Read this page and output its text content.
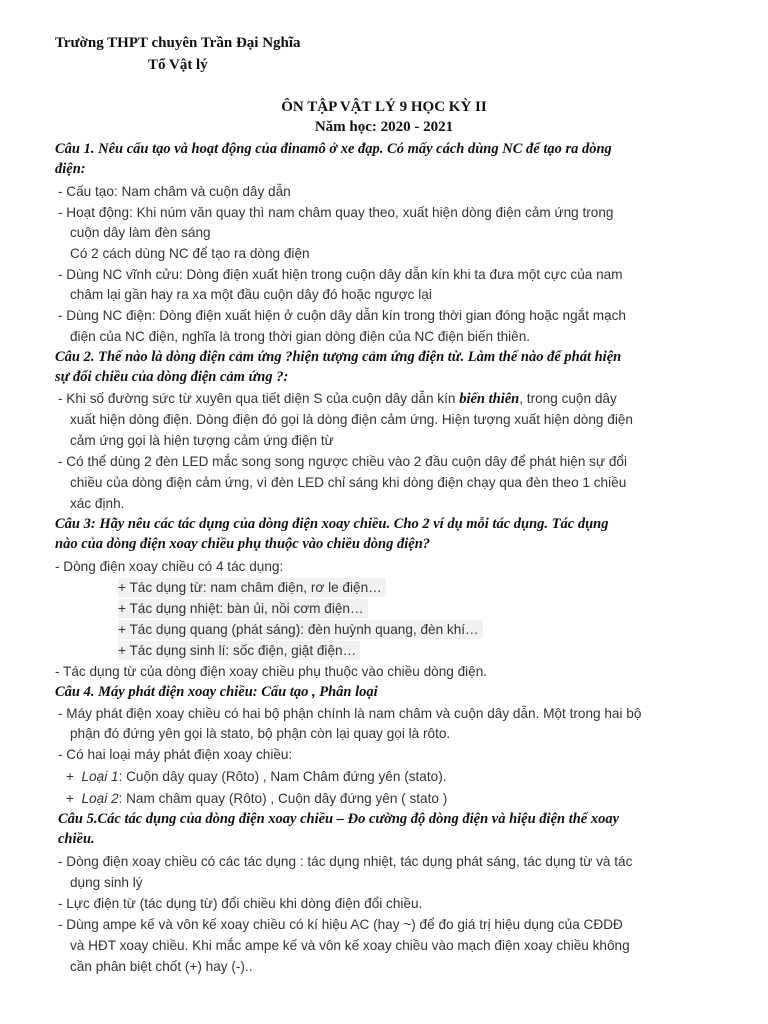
Trường THPT chuyên Trần Đại Nghĩa
Tổ Vật lý
ÔN TẬP VẬT LÝ 9 HỌC KỲ II
Năm học: 2020 - 2021
Câu 1. Nêu cấu tạo và hoạt động của đinamô ở xe đạp. Có mấy cách dùng NC để tạo ra dòng
điện:
- Cấu tạo: Nam châm và cuộn dây dẫn
- Hoạt động: Khi núm văn quay thì nam châm quay theo, xuất hiện dòng điện cảm ứng trong
cuộn dây làm đèn sáng
Có 2 cách dùng NC để tạo ra dòng điện
- Dùng NC vĩnh cửu: Dòng điện xuất hiện trong cuộn dây dẫn kín khi ta đưa một cực của nam
châm lại gần hay ra xa một đầu cuộn dây đó hoặc ngược lại
- Dùng NC điện: Dòng điện xuất hiện ở cuộn dây dẫn kín trong thời gian đóng hoặc ngắt mạch
điện của NC điện, nghĩa là trong thời gian dòng điện của NC điện biến thiên.
Câu 2. Thế nào là dòng điện cảm ứng ?hiện tượng cảm ứng điện từ. Làm thế nào để phát hiện
sự đổi chiều của dòng điện cảm ứng ?:
- Khi số đường sức từ xuyên qua tiết diện S của cuộn dây dẫn kín biến thiên, trong cuộn dây
xuất hiện dòng điện. Dòng điện đó gọi là dòng điện cảm ứng. Hiện tượng xuất hiện dòng điện
cảm ứng gọi là hiện tượng cảm ứng điện từ
- Có thể dùng 2 đèn LED mắc song song ngược chiều vào 2 đầu cuộn dây để phát hiện sự đổi
chiều của dòng điện cảm ứng, vì đèn LED chỉ sáng khi dòng điện chạy qua đèn theo 1 chiều
xác định.
Câu 3: Hãy nêu các tác dụng của dòng điện xoay chiều. Cho 2 ví dụ mỗi tác dụng. Tác dụng
nào của dòng điện xoay chiều phụ thuộc vào chiều dòng điện?
- Dòng điện xoay chiều có 4 tác dụng:
+ Tác dụng từ: nam châm điện, rơ le điện…
+ Tác dụng nhiệt: bàn ủi, nồi cơm điện…
+ Tác dụng quang (phát sáng): đèn huỳnh quang, đèn khí…
+ Tác dụng sinh lí: sốc điện, giật điện…
- Tác dụng từ của dòng điện xoay chiều phụ thuộc vào chiều dòng điện.
Câu 4. Máy phát điện xoay chiều: Cấu tạo , Phân loại
- Máy phát điện xoay chiều có hai bộ phận chính là nam châm và cuộn dây dẫn. Một trong hai bộ
phận đó đứng yên gọi là stato, bộ phận còn lại quay gọi là rôto.
- Có hai loại máy phát điện xoay chiều:
+ Loại 1: Cuộn dây quay (Rôto) , Nam Châm đứng yên (stato).
+ Loại 2: Nam châm quay (Rôto) , Cuộn dây đứng yên ( stato )
Câu 5.Các tác dụng của dòng điện xoay chiều – Đo cường độ dòng điện và hiệu điện thế xoay
chiều.
- Dòng điện xoay chiều có các tác dụng : tác dụng nhiệt, tác dụng phát sáng, tác dụng từ và tác
dụng sinh lý
- Lực điện từ (tác dụng từ) đổi chiều khi dòng điện đổi chiều.
- Dùng ampe kế và vôn kế xoay chiều có kí hiệu AC (hay ~) để đo giá trị hiệu dụng của CĐDĐ
và HĐT xoay chiều. Khi mắc ampe kế và vôn kế xoay chiều vào mạch điện xoay chiều không
cần phân biệt chốt (+) hay (-)..
